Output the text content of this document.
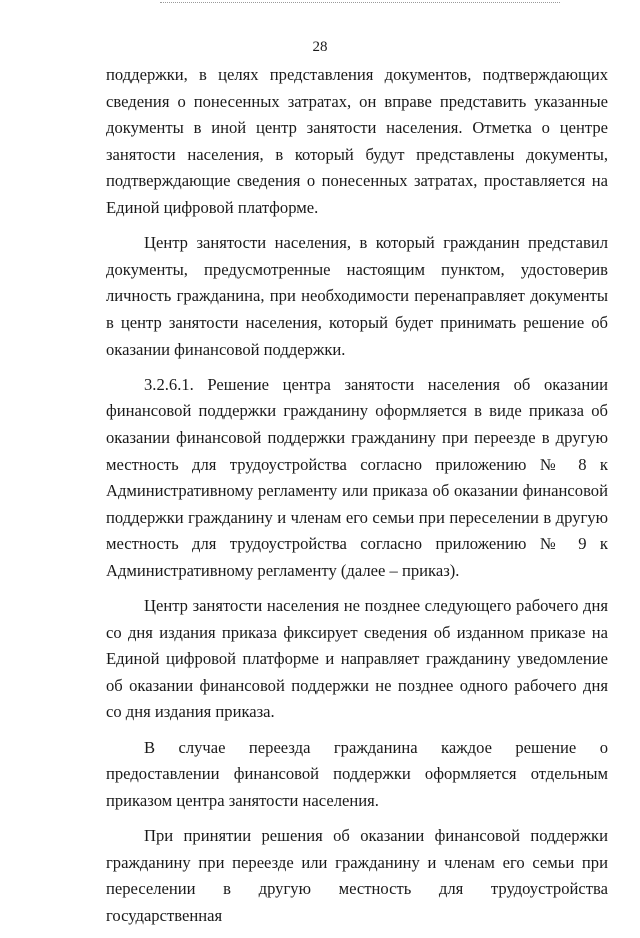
28

поддержки, в целях представления документов, подтверждающих сведения о понесенных затратах, он вправе представить указанные документы в иной центр занятости населения. Отметка о центре занятости населения, в который будут представлены документы, подтверждающие сведения о понесенных затратах, проставляется на Единой цифровой платформе.

Центр занятости населения, в который гражданин представил документы, предусмотренные настоящим пунктом, удостоверив личность гражданина, при необходимости перенаправляет документы в центр занятости населения, который будет принимать решение об оказании финансовой поддержки.

3.2.6.1. Решение центра занятости населения об оказании финансовой поддержки гражданину оформляется в виде приказа об оказании финансовой поддержки гражданину при переезде в другую местность для трудоустройства согласно приложению № 8 к Административному регламенту или приказа об оказании финансовой поддержки гражданину и членам его семьи при переселении в другую местность для трудоустройства согласно приложению № 9 к Административному регламенту (далее – приказ).

Центр занятости населения не позднее следующего рабочего дня со дня издания приказа фиксирует сведения об изданном приказе на Единой цифровой платформе и направляет гражданину уведомление об оказании финансовой поддержки не позднее одного рабочего дня со дня издания приказа.

В случае переезда гражданина каждое решение о предоставлении финансовой поддержки оформляется отдельным приказом центра занятости населения.

При принятии решения об оказании финансовой поддержки гражданину при переезде или гражданину и членам его семьи при переселении в другую местность для трудоустройства государственная
